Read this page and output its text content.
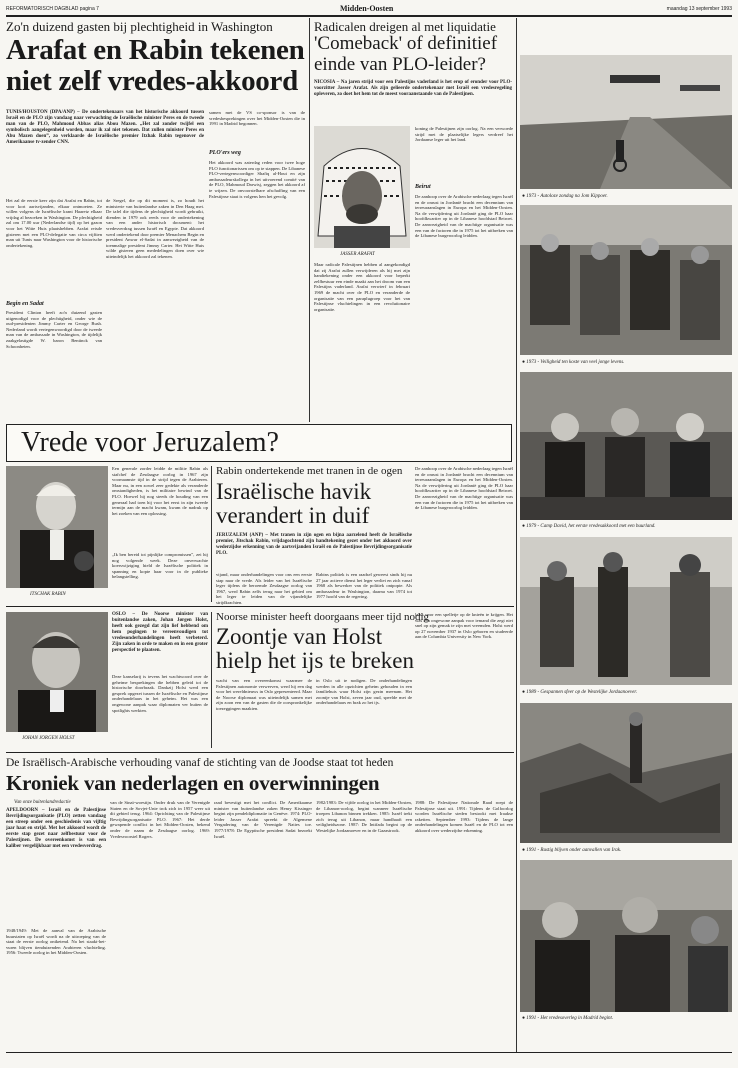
REFORMATORISCH DAGBLAD pagina 7	Midden-Oosten	maandag 13 september 1993
Zo'n duizend gasten bij plechtigheid in Washington
Arafat en Rabin tekenen
niet zelf vredes-akkoord
TUNIS/HOUSTON (DPA/ANP) – De ondertekenaars van het historische akkoord tussen Israël en de PLO zijn vandaag naar verwachting de Israëlische minister Peres en de tweede man van de PLO, Mahmoud Abbas alias Abou Mazen. „Het zal zonder twijfel een symbolisch aangelegenheid worden, maar ik zal niet tekenen. Dat zullen minister Peres en Abu Mazen doen”, zo verklaarde de Israëlische premier Itzhak Rabin tegenover de Amerikaanse tv-zender CNN.
Het zal de eerste keer zijn dat Arafat en Rabin, tot voor kort aartsvijanden, elkaar ontmoeten. Ze willen volgens de Israëlische krant Haaretz elkaar vrijdag al bezoeken in Washington. De plechtigheid zal om 17.00 uur (Nederlandse tijd) op het gazon voor het Witte Huis plaatshebben. Arafat reisde gisteren met een PLO-delegatie van circa vijftien man uit Tunis naar Washington voor de historische ondertekening.
Begin en Sadat
President Clinton heeft zo'n duizend gasten uitgenodigd voor de plechtigheid, onder wie de oud-presidenten Jimmy Carter en George Bush. Nederland wordt vertegenwoordigd door de tweede man van de ambassade in Washington, de tijdelijk zaakgelastigde W. baron Bentinck van Schoonheten.
de Sregel, die op dit moment is, zo houdt het ministerie van buitenlandse zaken in Den Haag met. De tafel die tijdens de plechtigheid wordt gebruikt, dienden in 1979 ook reeds voor de ondertekening van een ander historisch document: het vredesverdrag tussen Israël en Egypte. Dat akkoord werd ondertekend door premier Menachem Begin en president Anwar el-Sadat in aanwezigheid van de toenmalige president Jimmy Carter. Het Witte Huis wilde gisteren geen mededelingen doen over wie uiteindelijk het akkoord zal tekenen.
samen met de VS co-sponsor is van de vredesbesprekingen over het Midden-Oosten die in 1991 in Madrid begonnen.
PLO'ers weg
Het akkoord was zaterdag reden voor twee hoge PLO functionarissen om op te stappen. De Libanese PLO-vertegenwoordiger Shafiq al-Hout en zijn ambassadeurskollega in het uitvoerend comité van de PLO, Mahmoud Darwisj, zeggen het akkoord af te wijzen. De onvoorstelbare afschaffing van een Palestijnse staat is volgens hen het gevolg.
Radicalen dreigen al met liquidatie
'Comeback' of definitief
einde van PLO-leider?
NICOSIA – Na jaren strijd voor een Palestijns vaderland is het erop of eronder voor PLO-voorzitter Jasser Arafat. Als zijn gelieerde ondertekenaar met Israël een vredesregeling opleveren, zo doet het hem tot de meest vooraanstaande van de Palestijnen.
JASSER ARAFAT
Maar radicale Palestijnen hebben al aangekondigd dat zij Arafat zullen verwijderen als hij met zijn handtekening onder een akkoord voor beperkt zelfbestuur een einde maakt aan het droom van een Palestijns vaderland. Arafat verwierf in februari 1969 de macht over de PLO en veranderde de organisatie van een paraplugroep voor het van Palestijnse vluchtelingen in een revolutionaire organisatie.
koning de Palestijnen zijn oorlog. Na een verwoede strijd met de plaatselijke legers verdreef het Jordaanse leger uit het land.
Beirut
De aanhoop over de Arabische nederlaag tegen Israël en de onrust in Jordanië bracht een decennium van terreuraanslagen in Europa en het Midden-Oosten. Na de verwijdering uit Jordanië ging de PLO haar hoofdkwartier op in de Libanese hoofdstad Beiroet. De aanwezigheid van de machtige organisatie was een van de factoren die in 1975 tot het uitbreken van de Libanese burgeroorlog leidden.
● 1973 - Autoloze zondag na Jom Kippoer.
● 1973 - Veiligheid ten koste van veel jonge levens.
● 1979 - Camp David, het eerste vredesakkoord met een buurland.
● 1989 - Gespannen sfeer op de Westelijke Jordaanoever.
● 1991 - Rustig blijven onder aanvallen van Irak.
● 1991 - Het vredesoverleg in Madrid begint.
Vrede voor Jeruzalem?
ITSCHAK RABIN
Een generale zorder leidde de militie Rabin als stafchef de Zesdaagse oorlog in 1967 zijn voornaamste tijd in de strijd tegen de Arabieren. Maar nu, in een zowel zeer gedekte als veranderde omstandigheden, is het militaire bewind van de PLO. Hoewel hij nog steeds de houding van een generaal had toen hij voor het eerst in zijn tweede termijn aan de macht kwam, kwam de nadruk op het zoeken van een oplossing.
„Ik ben bereid tot pijnlijke compromissen”, zei hij nog volgende week. Deze onverwachte koerswijziging hield de Israëlische politiek in spanning en kopte haar voor in de publieke belangstelling.
Rabin ondertekende met tranen in de ogen
Israëlische havik
verandert in duif
JERUZALEM (ANP) – Met tranen in zijn ogen en bijna aarzelend heeft de Israëlische premier, Jitschak Rabin, vrijdagochtend zijn handtekening gezet onder het akkoord over wederzijdse erkenning van de aartsvijanden Israël en de Palestijnse Bevrijdingsorganisatie PLO.
vijand, maar onderhandelingen voor ons een eerste stap naar de vrede. Als leider van het Israëlische leger tijdens de beroemde Zesdaagse oorlog van 1967, werd Rabin zelfs terug naar het gebied om het leger te leiden van de vijandelijke strijdkrachten.
Rabins politiek is een raadsel geweest sinds hij nu 27 jaar actieve dienst het leger verliet en zich vanaf 1968 als bewerker van de politiek ontpopte. Als ambassadeur in Washington, daarna van 1974 tot 1977 hoofd van de regering.
De aanhoop over de Arabische nederlaag tegen Israël en de onrust in Jordanië bracht een decennium van terreuraanslagen in Europa en het Midden-Oosten. Na de verwijdering uit Jordanië ging de PLO haar hoofdkwartier op in de Libanese hoofdstad Beiroet. De aanwezigheid van de machtige organisatie was een van de factoren die in 1975 tot het uitbreken van de Libanese burgeroorlog leidden.
JOHAN JORGEN HOLST
OSLO – De Noorse minister van buitenlandse zaken, Johan Jørgen Holst, heeft ook gezegd dat zijn lief hebbend om hem pogingen te vereenvoudigen tot vredesonderhandelingen heeft verbeterd. Zijn zaken in orde te maken en in een groter perspectief te plaatsen.
Deze kanselarij is tevens het wachtwoord over de geheime besprekingen die hebben geleid tot de historische doorbraak. Dankzij Holst werd een gesprek opgezet tussen de Israëlische en Palestijnse onderhandelaars in het geheim. Het was een ongewone aanpak waar diplomaten ver buiten de spotlights werkten.
Noorse minister heeft doorgaans meer tijd nodig
Zoontje van Holst
hielp het ijs te breken
wacht van een overeenkomst waarmee de Palestijnen autonomie verwerven, werd hij een dag voor het wereldnieuws in Oslo gepresenteerd. Maar de Noorse diplomaat was uiteindelijk samen met zijn zoon een van de gasten die de oorspronkelijke toezeggingen maakten.
in Oslo uit te nodigen. De onderhandelingen werden in alle opzichten geheim gehouden in een familiehuis waar Holst zijn gezin meenam. Het zoontje van Holst, zeven jaar oud, speelde met de onderhandelaars en brak zo het ijs.
laars voor een spelletje op de knieën te krijgen. Het was een ongewone aanpak voor iemand die zegt niet snel op zijn gemak te zijn met vreemden. Holst werd op 27 november 1937 in Oslo geboren en studeerde aan de Columbia University in New York.
De Israëlisch-Arabische verhouding vanaf de stichting van de Joodse staat tot heden
Kroniek van nederlagen en overwinningen
Van onze buitenlandredactie
APELDOORN – Israël en de Palestijnse Bevrijdingsorganisatie (PLO) zetten vandaag een streep onder een geschiedenis van vijftig jaar haat en strijd. Met het akkoord wordt de eerste stap gezet naar zelfbestuur voor de Palestijnen. De overeenkomst is van een kaliber vergelijkbaar met een vredesverdrag.
1948/1949: Met de aanval van de Arabische buurstaten op Israël wordt na de uitroeping van de staat de eerste oorlog ontketend. Na het staakt-het-vuren blijven tienduizenden Arabieren vluchteling. 1956: Tweede oorlog in het Midden-Oosten.
van de Sinaï-woestijn. Onder druk van de Verenigde Staten en de Sovjet-Unie trok zich in 1957 weer uit dit gebied terug. 1964: Oprichting van de Palestijnse Bevrijdingsorganisatie PLO. 1967: Het derde gewapende conflict in het Midden-Oosten, bekend onder de naam de Zesdaagse oorlog. 1969: Vredesvoorstel Rogers.
raad bevestigt met het conflict. De Amerikaanse minister van buitenlandse zaken Henry Kissinger begint zijn pendeldiplomatie in Genève. 1974: PLO-leider Jasser Arafat spreekt de Algemene Vergadering van de Verenigde Naties toe. 1977/1978: De Egyptische president Sadat bezoekt Israël.
1982/1983: De vijfde oorlog in het Midden-Oosten, de Libanon-oorlog, begint wanneer Israëlische troepen Libanon binnen trekken. 1985: Israël trekt zich terug uit Libanon, maar handhaaft een veiligheidszone. 1987: De Intifada begint op de Westelijke Jordaanoever en in de Gazastrook.
1988: De Palestijnse Nationale Raad roept de Palestijnse staat uit. 1991: Tijdens de Golfoorlog worden Israëlische steden bestookt met Iraakse raketten. September 1993: Tijdens de lange onderhandelingen komen Israël en de PLO tot een akkoord over wederzijdse erkenning.
